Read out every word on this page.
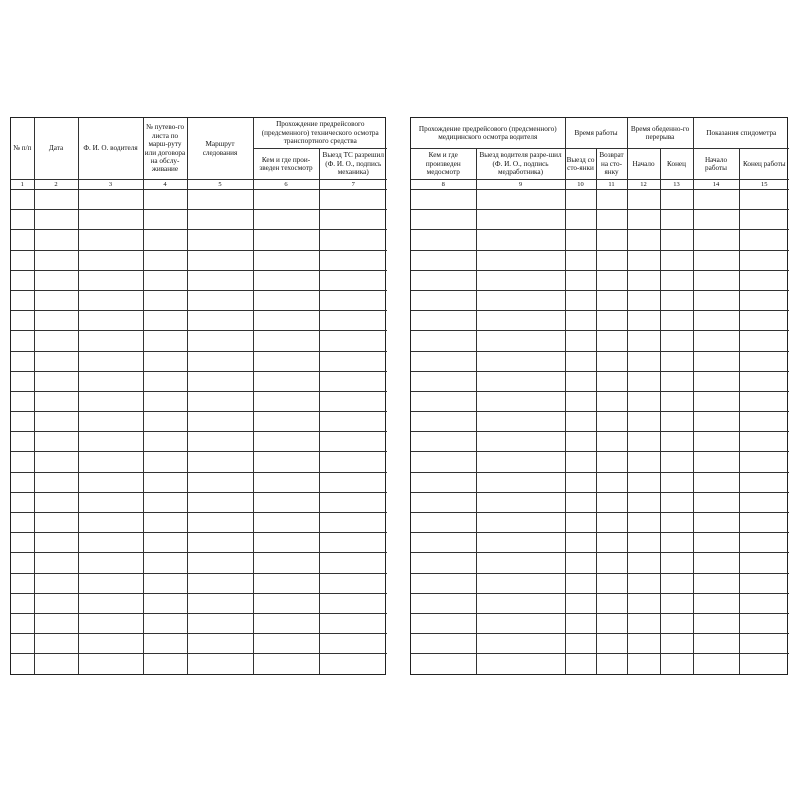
№ п/п	Дата	Ф. И. О. водителя	№ путево-го листа по марш-руту или договора на обслу-живание	Маршрут следования	Прохождение предрейсового (предсменного) технического осмотра транспортного средства	
					Кем и где прои-зведен техосмотр	Выезд ТС разрешил (Ф. И. О., подпись механика)
1	2	3	4	5	6	7

Прохождение предрейсового (предсменного) медицинского осмотра водителя		Время работы		Время обеденно-го перерыва		Показания спидометра	
Кем и где произведен медосмотр	Выезд водителя разре-шил (Ф. И. О., подпись медработника)	Выезд со сто-янки	Возврат на сто-янку	Начало	Конец	Начало работы	Конец работы
8	9	10	11	12	13	14	15
